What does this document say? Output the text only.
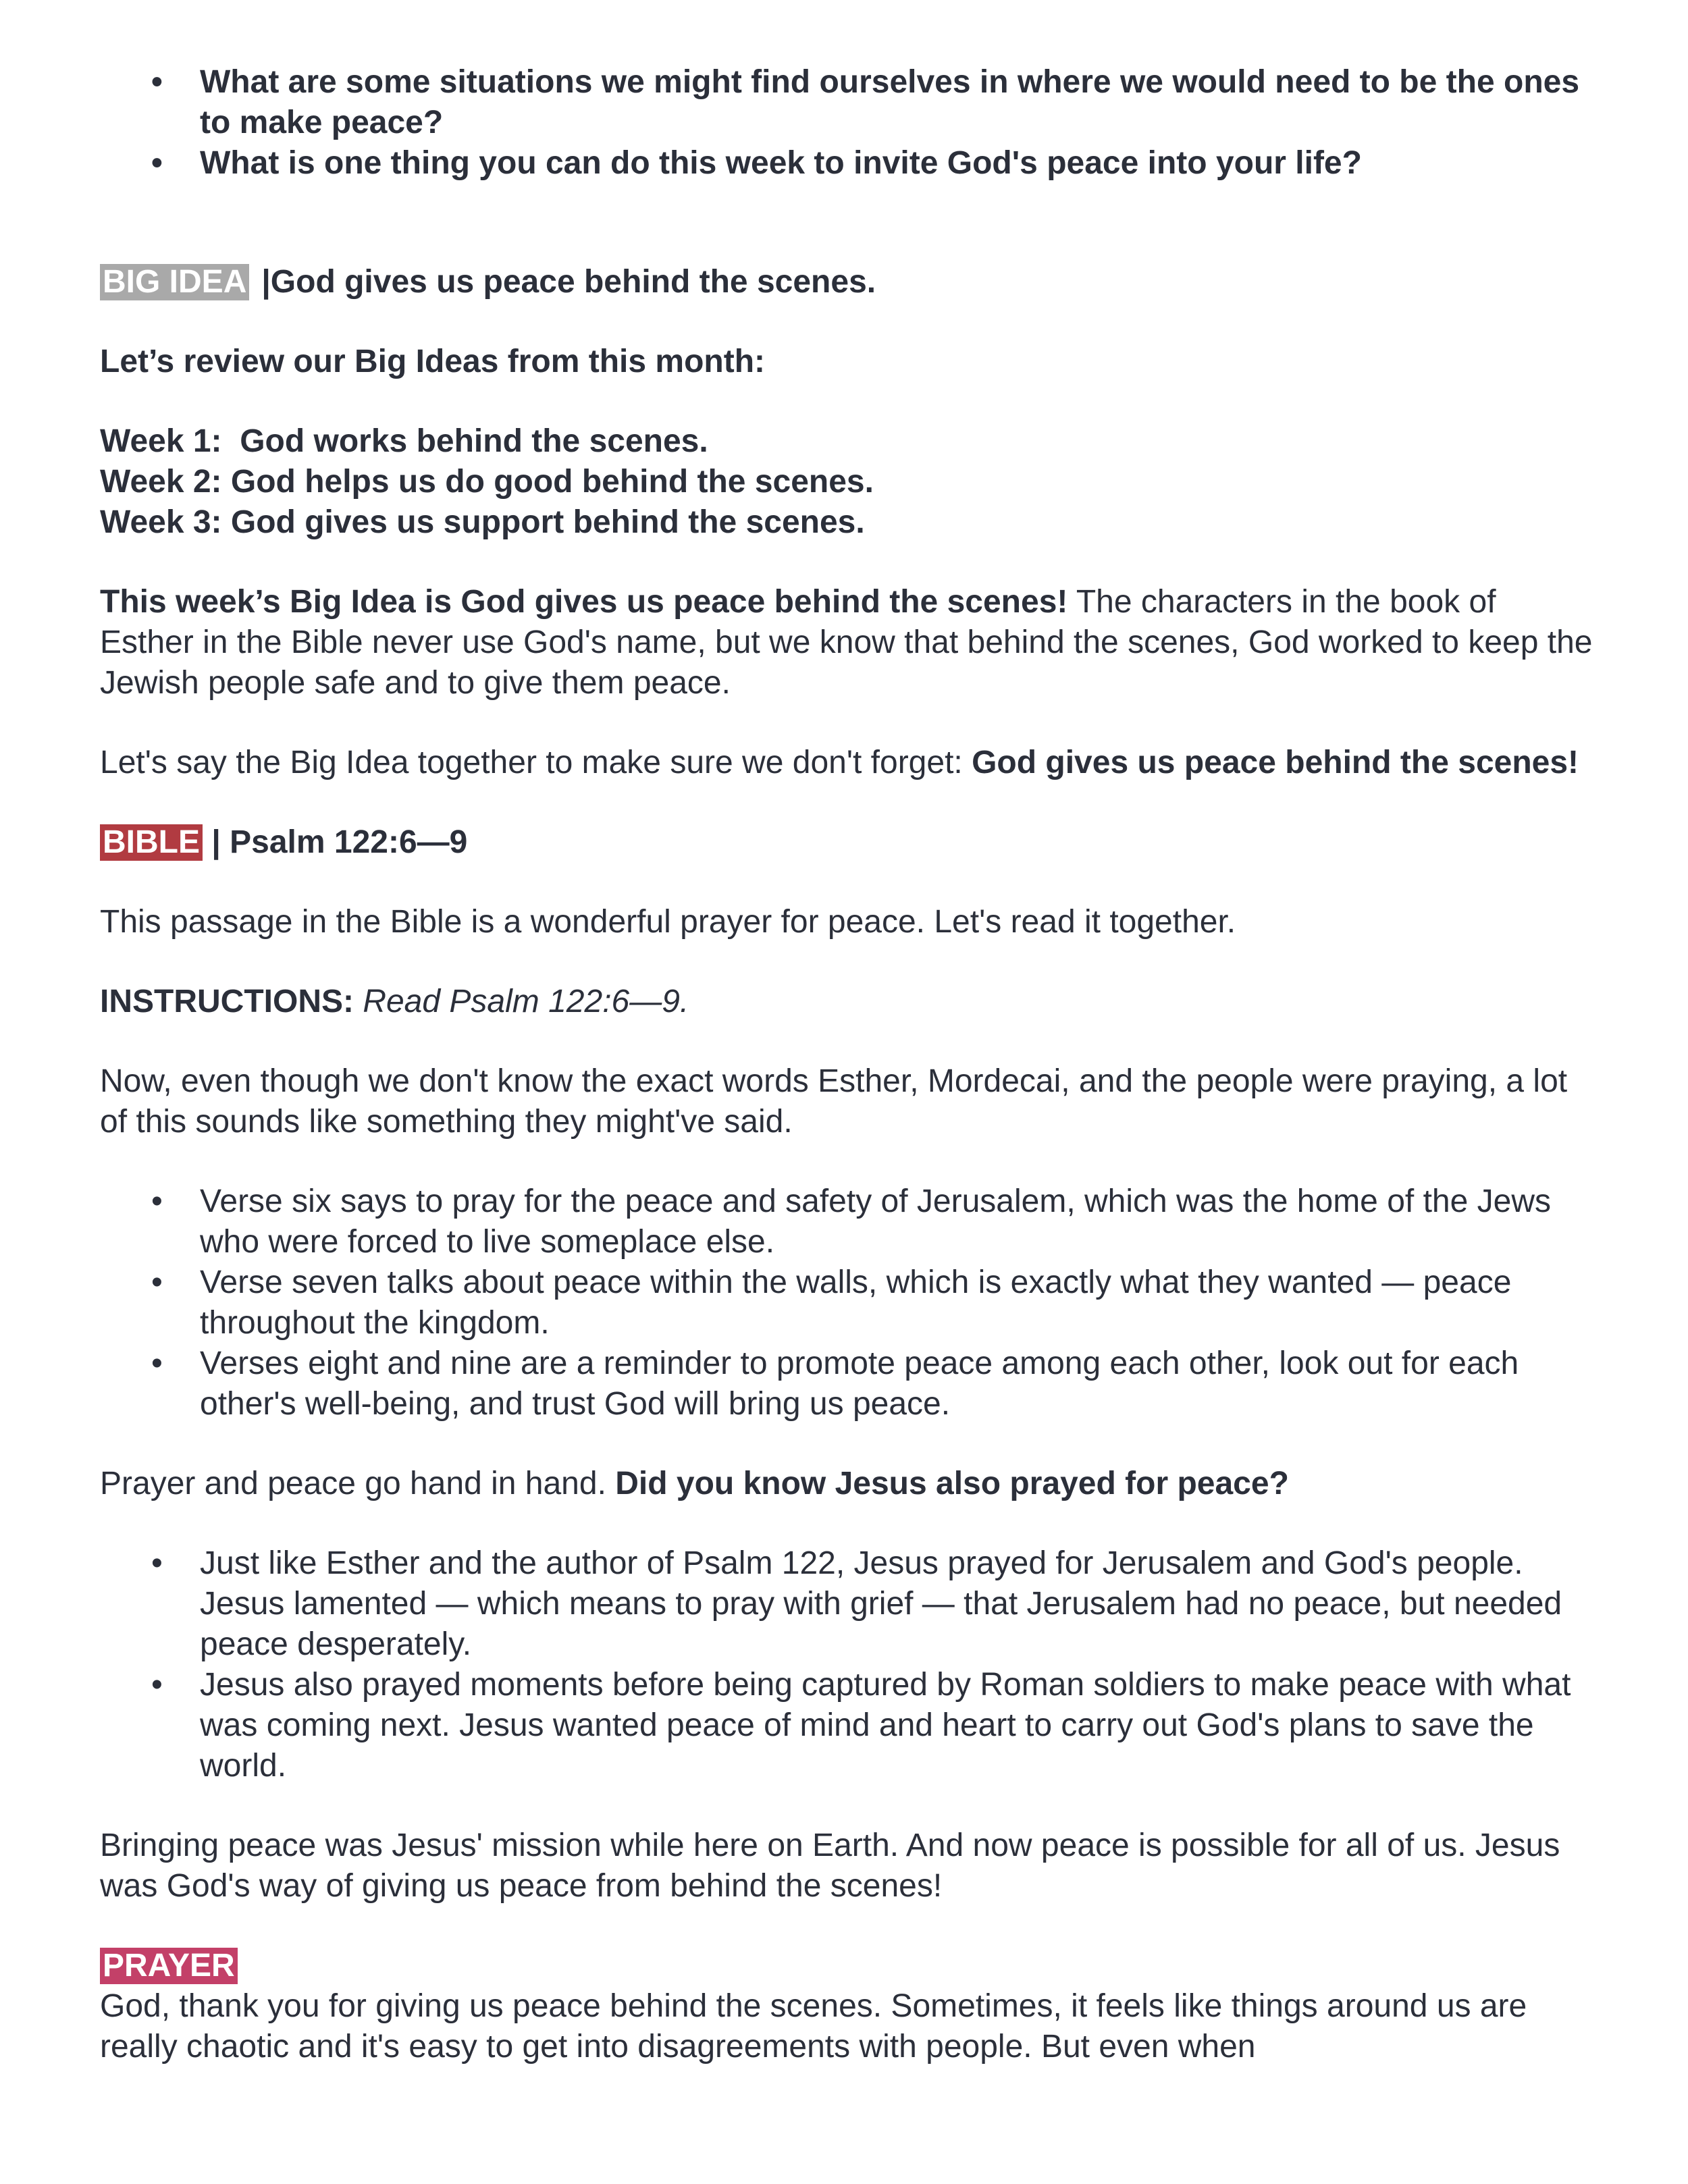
• What are some situations we might find ourselves in where we would need to be the ones to make peace?
• What is one thing you can do this week to invite God's peace into your life?

BIG IDEA |God gives us peace behind the scenes.

Let’s review our Big Ideas from this month:

Week 1:  God works behind the scenes.

Week 2: God helps us do good behind the scenes.

Week 3: God gives us support behind the scenes.

This week’s Big Idea is God gives us peace behind the scenes! The characters in the book of Esther in the Bible never use God's name, but we know that behind the scenes, God worked to keep the Jewish people safe and to give them peace.

Let's say the Big Idea together to make sure we don't forget: God gives us peace behind the scenes!

BIBLE | Psalm 122:6—9

This passage in the Bible is a wonderful prayer for peace. Let's read it together.

INSTRUCTIONS: Read Psalm 122:6—9.

Now, even though we don't know the exact words Esther, Mordecai, and the people were praying, a lot of this sounds like something they might've said.

• Verse six says to pray for the peace and safety of Jerusalem, which was the home of the Jews who were forced to live someplace else.
• Verse seven talks about peace within the walls, which is exactly what they wanted — peace throughout the kingdom.
• Verses eight and nine are a reminder to promote peace among each other, look out for each other's well-being, and trust God will bring us peace.

Prayer and peace go hand in hand. Did you know Jesus also prayed for peace?

• Just like Esther and the author of Psalm 122, Jesus prayed for Jerusalem and God's people. Jesus lamented — which means to pray with grief — that Jerusalem had no peace, but needed peace desperately.
• Jesus also prayed moments before being captured by Roman soldiers to make peace with what was coming next. Jesus wanted peace of mind and heart to carry out God's plans to save the world.

Bringing peace was Jesus' mission while here on Earth. And now peace is possible for all of us. Jesus was God's way of giving us peace from behind the scenes!

PRAYER

God, thank you for giving us peace behind the scenes. Sometimes, it feels like things around us are really chaotic and it's easy to get into disagreements with people. But even when
